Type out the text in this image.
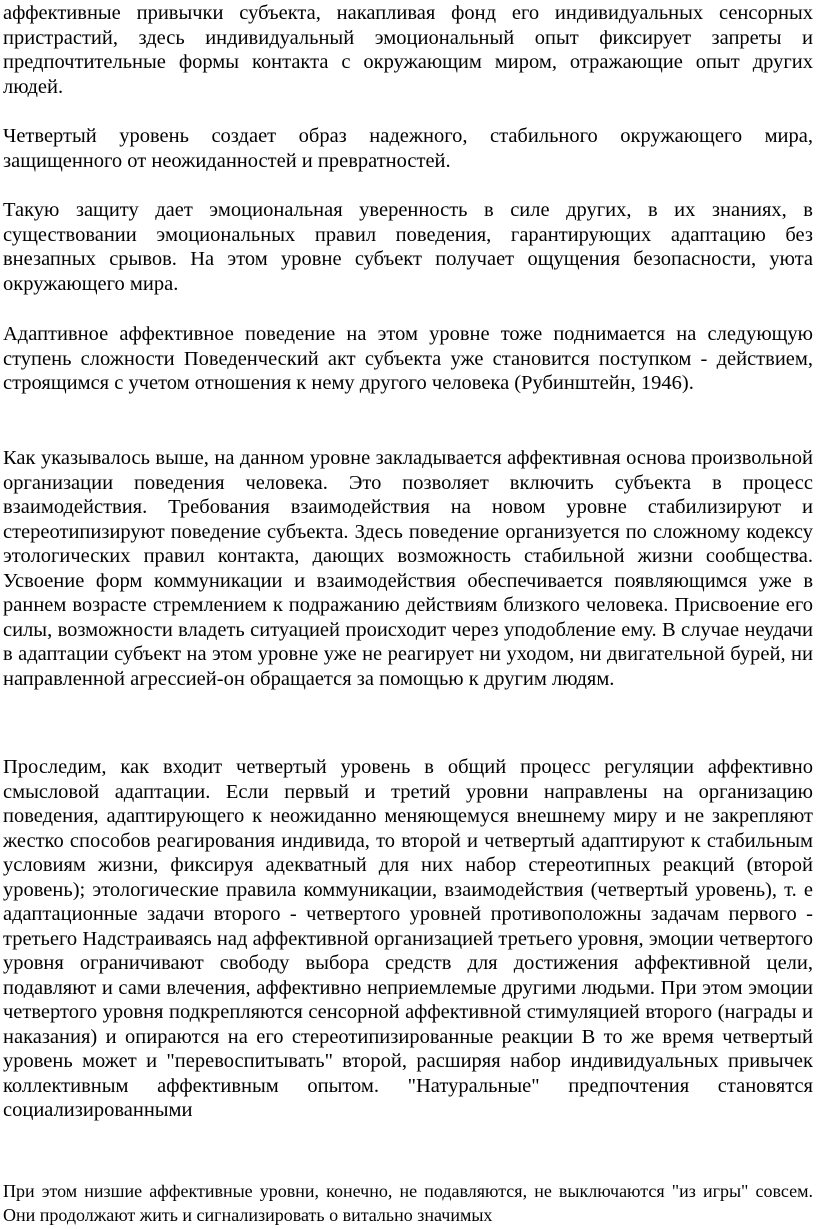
аффективные привычки субъекта, накапливая фонд его индивидуальных сенсорных пристрастий, здесь индивидуальный эмоциональный опыт фиксирует запреты и предпочтительные формы контакта с окружающим миром, отражающие опыт других людей.

Четвертый уровень создает образ надежного, стабильного окружающего мира, защищенного от неожиданностей и превратностей.

Такую защиту дает эмоциональная уверенность в силе других, в их знаниях, в существовании эмоциональных правил поведения, гарантирующих адаптацию без внезапных срывов. На этом уровне субъект получает ощущения безопасности, уюта окружающего мира.

Адаптивное аффективное поведение на этом уровне тоже поднимается на следующую ступень сложности Поведенческий акт субъекта уже становится поступком - действием, строящимся с учетом отношения к нему другого человека (Рубинштейн, 1946).

Как указывалось выше, на данном уровне закладывается аффективная основа произвольной организации поведения человека. Это позволяет включить субъекта в процесс взаимодействия. Требования взаимодействия на новом уровне стабилизируют и стереотипизируют поведение субъекта. Здесь поведение организуется по сложному кодексу этологических правил контакта, дающих возможность стабильной жизни сообщества. Усвоение форм коммуникации и взаимодействия обеспечивается появляющимся уже в раннем возрасте стремлением к подражанию действиям близкого человека. Присвоение его силы, возможности владеть ситуацией происходит через уподобление ему. В случае неудачи в адаптации субъект на этом уровне уже не реагирует ни уходом, ни двигательной бурей, ни направленной агрессией-он обращается за помощью к другим людям.

Проследим, как входит четвертый уровень в общий процесс регуляции аффективно смысловой адаптации. Если первый и третий уровни направлены на организацию поведения, адаптирующего к неожиданно меняющемуся внешнему миру и не закрепляют жестко способов реагирования индивида, то второй и четвертый адаптируют к стабильным условиям жизни, фиксируя адекватный для них набор стереотипных реакций (второй уровень); этологические правила коммуникации, взаимодействия (четвертый уровень), т. е адаптационные задачи второго - четвертого уровней противоположны задачам первого - третьего Надстраиваясь над аффективной организацией третьего уровня, эмоции четвертого уровня ограничивают свободу выбора средств для достижения аффективной цели, подавляют и сами влечения, аффективно неприемлемые другими людьми. При этом эмоции четвертого уровня подкрепляются сенсорной аффективной стимуляцией второго (награды и наказания) и опираются на его стереотипизированные реакции В то же время четвертый уровень может и "перевоспитывать" второй, расширяя набор индивидуальных привычек коллективным аффективным опытом. "Натуральные" предпочтения становятся социализированными

При этом низшие аффективные уровни, конечно, не подавляются, не выключаются "из игры" совсем. Они продолжают жить и сигнализировать о витально значимых
